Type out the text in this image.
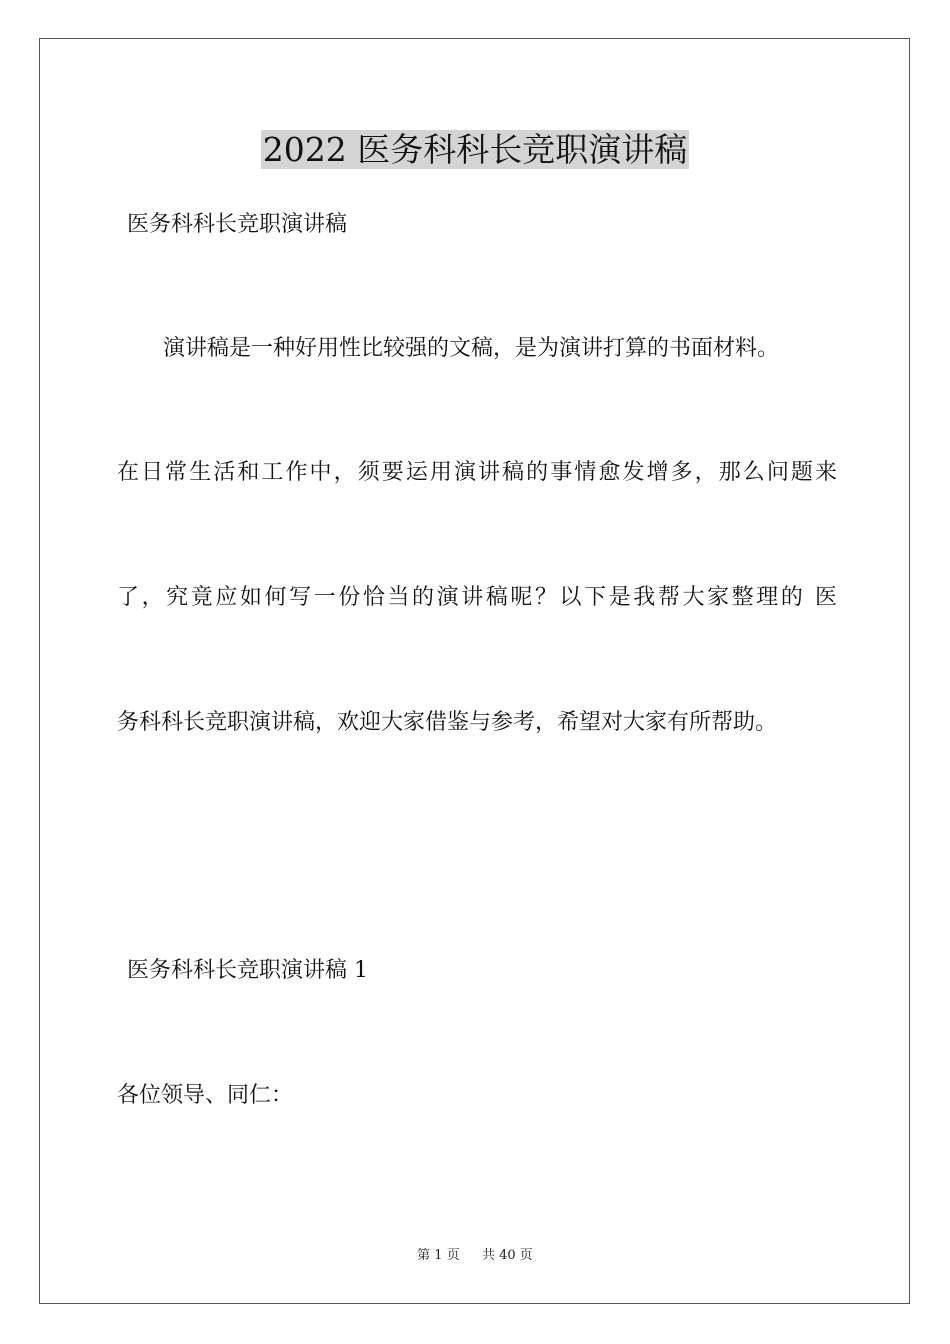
2022 医务科科长竞职演讲稿

医务科科长竞职演讲稿

演讲稿是一种好用性比较强的文稿，是为演讲打算的书面材料。

在日常生活和工作中，须要运用演讲稿的事情愈发增多，那么问题来

了，究竟应如何写一份恰当的演讲稿呢？以下是我帮大家整理的 医

务科科长竞职演讲稿，欢迎大家借鉴与参考，希望对大家有所帮助。

医务科科长竞职演讲稿 1

各位领导、同仁：

第 1 页 共 40 页
